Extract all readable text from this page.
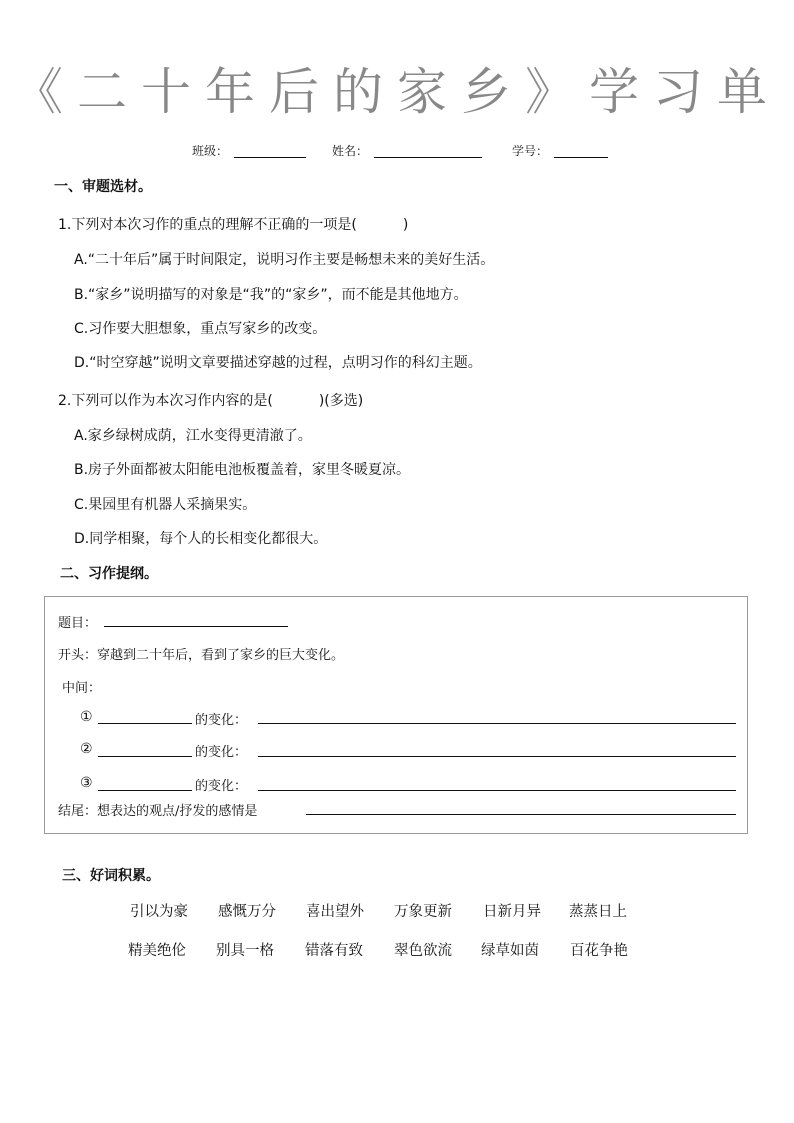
《二十年后的家乡》学习单
班级：	姓名：	学号：
一、审题选材。
1.下列对本次习作的重点的理解不正确的一项是(	)
A.“二十年后”属于时间限定，说明习作主要是畅想未来的美好生活。
B.“家乡”说明描写的对象是“我”的“家乡”，而不能是其他地方。
C.习作要大胆想象，重点写家乡的改变。
D.“时空穿越”说明文章要描述穿越的过程，点明习作的科幻主题。
2.下列可以作为本次习作内容的是(	)(多选)
A.家乡绿树成荫，江水变得更清澈了。
B.房子外面都被太阳能电池板覆盖着，家里冬暖夏凉。
C.果园里有机器人采摘果实。
D.同学相聚，每个人的长相变化都很大。
二、习作提纲。
题目：
开头：穿越到二十年后，看到了家乡的巨大变化。
中间：
①	的变化：
②	的变化：
③	的变化：
结尾：想表达的观点/抒发的感情是
三、好词积累。
引以为豪 感慨万分 喜出望外 万象更新 日新月异 蒸蒸日上
精美绝伦 别具一格 错落有致 翠色欲流 绿草如茵 百花争艳
